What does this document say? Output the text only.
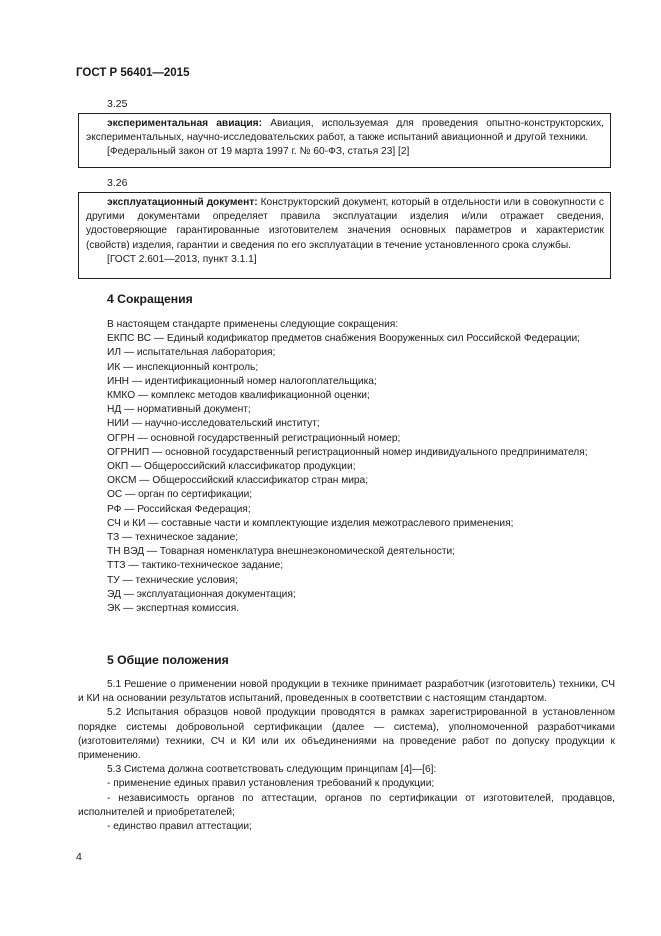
ГОСТ Р 56401—2015
3.25

экспериментальная авиация: Авиация, используемая для проведения опытно-конструкторских, экспериментальных, научно-исследовательских работ, а также испытаний авиационной и другой техники.

[Федеральный закон от 19 марта 1997 г. № 60-ФЗ, статья 23] [2]

3.26

эксплуатационный документ: Конструкторский документ, который в отдельности или в совокупности с другими документами определяет правила эксплуатации изделия и/или отражает сведения, удостоверяющие гарантированные изготовителем значения основных параметров и характеристик (свойств) изделия, гарантии и сведения по его эксплуатации в течение установленного срока службы.

[ГОСТ 2.601—2013, пункт 3.1.1]

4 Сокращения

В настоящем стандарте применены следующие сокращения:

ЕКПС ВС — Единый кодификатор предметов снабжения Вооруженных сил Российской Федерации;

ИЛ — испытательная лаборатория;

ИК — инспекционный контроль;

ИНН — идентификационный номер налогоплательщика;

КМКО — комплекс методов квалификационной оценки;

НД — нормативный документ;

НИИ — научно-исследовательский институт;

ОГРН — основной государственный регистрационный номер;

ОГРНИП — основной государственный регистрационный номер индивидуального предпринимателя;

ОКП — Общероссийский классификатор продукции;

ОКСМ — Общероссийский классификатор стран мира;

ОС — орган по сертификации;

РФ — Российская Федерация;

СЧ и КИ — составные части и комплектующие изделия межотраслевого применения;

ТЗ — техническое задание;

ТН ВЭД — Товарная номенклатура внешнеэкономической деятельности;

ТТЗ — тактико-техническое задание;

ТУ — технические условия;

ЭД — эксплуатационная документация;

ЭК — экспертная комиссия.

5 Общие положения

5.1 Решение о применении новой продукции в технике принимает разработчик (изготовитель) техники, СЧ и КИ на основании результатов испытаний, проведенных в соответствии с настоящим стандартом.

5.2 Испытания образцов новой продукции проводятся в рамках зарегистрированной в установленном порядке системы добровольной сертификации (далее — система), уполномоченной разработчиками (изготовителями) техники, СЧ и КИ или их объединениями на проведение работ по допуску продукции к применению.

5.3 Система должна соответствовать следующим принципам [4]—[6]:

- применение единых правил установления требований к продукции;

- независимость органов по аттестации, органов по сертификации от изготовителей, продавцов, исполнителей и приобретателей;

- единство правил аттестации;

4
